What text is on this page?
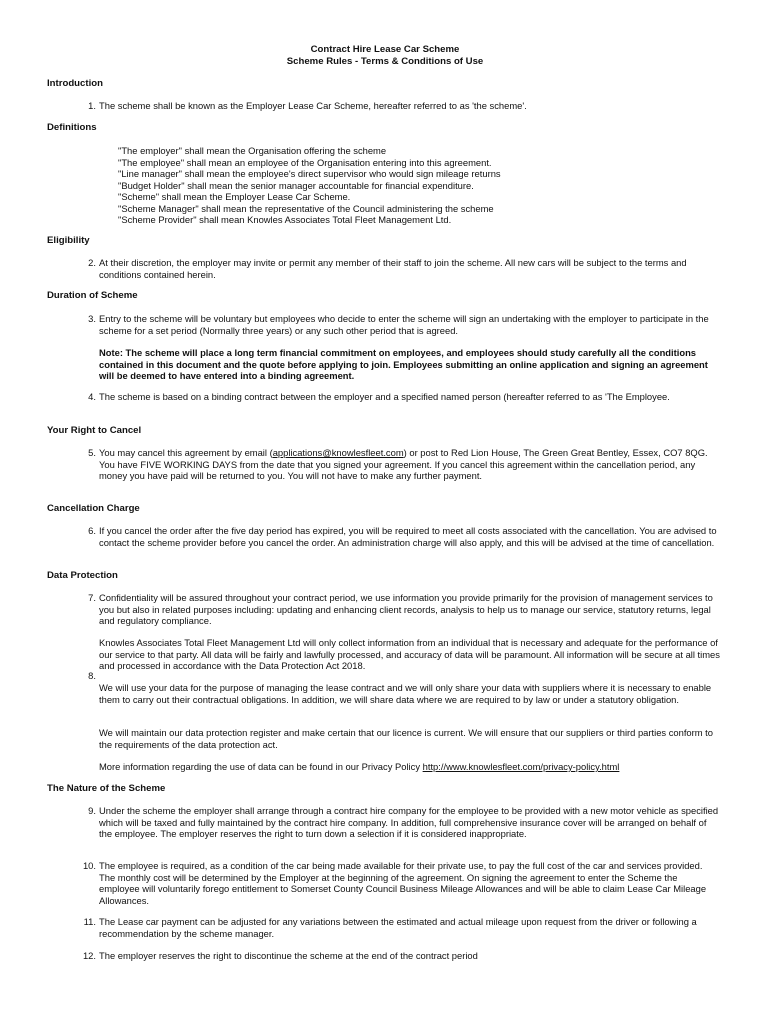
Contract Hire Lease Car Scheme
Scheme Rules - Terms & Conditions of Use
Introduction
1. The scheme shall be known as the Employer Lease Car Scheme, hereafter referred to as 'the scheme'.
Definitions
"The employer" shall mean the Organisation offering the scheme
"The employee" shall mean an employee of the Organisation entering into this agreement.
"Line manager" shall mean the employee's direct supervisor who would sign mileage returns
"Budget Holder" shall mean the senior manager accountable for financial expenditure.
"Scheme" shall mean the Employer Lease Car Scheme.
"Scheme Manager" shall mean the representative of the Council administering the scheme
"Scheme Provider" shall mean Knowles Associates Total Fleet Management Ltd.
Eligibility
2. At their discretion, the employer may invite or permit any member of their staff to join the scheme. All new cars will be subject to the terms and conditions contained herein.
Duration of Scheme
3. Entry to the scheme will be voluntary but employees who decide to enter the scheme will sign an undertaking with the employer to participate in the scheme for a set period (Normally three years) or any such other period that is agreed.
Note: The scheme will place a long term financial commitment on employees, and employees should study carefully all the conditions contained in this document and the quote before applying to join. Employees submitting an online application and signing an agreement will be deemed to have entered into a binding agreement.
4. The scheme is based on a binding contract between the employer and a specified named person (hereafter referred to as 'The Employee.
Your Right to Cancel
5. You may cancel this agreement by email (applications@knowlesfleet.com) or post to Red Lion House, The Green Great Bentley, Essex, CO7 8QG. You have FIVE WORKING DAYS from the date that you signed your agreement. If you cancel this agreement within the cancellation period, any money you have paid will be returned to you. You will not have to make any further payment.
Cancellation Charge
6. If you cancel the order after the five day period has expired, you will be required to meet all costs associated with the cancellation. You are advised to contact the scheme provider before you cancel the order. An administration charge will also apply, and this will be advised at the time of cancellation.
Data Protection
7. Confidentiality will be assured throughout your contract period, we use information you provide primarily for the provision of management services to you but also in related purposes including: updating and enhancing client records, analysis to help us to manage our service, statutory returns, legal and regulatory compliance.
8.
Knowles Associates Total Fleet Management Ltd will only collect information from an individual that is necessary and adequate for the performance of our service to that party. All data will be fairly and lawfully processed, and accuracy of data will be paramount. All information will be secure at all times and processed in accordance with the Data Protection Act 2018.
We will use your data for the purpose of managing the lease contract and we will only share your data with suppliers where it is necessary to enable them to carry out their contractual obligations. In addition, we will share data where we are required to by law or under a statutory obligation.
We will maintain our data protection register and make certain that our licence is current. We will ensure that our suppliers or third parties conform to the requirements of the data protection act.
More information regarding the use of data can be found in our Privacy Policy http://www.knowlesfleet.com/privacy-policy.html
The Nature of the Scheme
9. Under the scheme the employer shall arrange through a contract hire company for the employee to be provided with a new motor vehicle as specified which will be taxed and fully maintained by the contract hire company. In addition, full comprehensive insurance cover will be arranged on behalf of the employee. The employer reserves the right to turn down a selection if it is considered inappropriate.
10. The employee is required, as a condition of the car being made available for their private use, to pay the full cost of the car and services provided. The monthly cost will be determined by the Employer at the beginning of the agreement. On signing the agreement to enter the Scheme the employee will voluntarily forego entitlement to Somerset County Council Business Mileage Allowances and will be able to claim Lease Car Mileage Allowances.
11. The Lease car payment can be adjusted for any variations between the estimated and actual mileage upon request from the driver or following a recommendation by the scheme manager.
12. The employer reserves the right to discontinue the scheme at the end of the contract period
